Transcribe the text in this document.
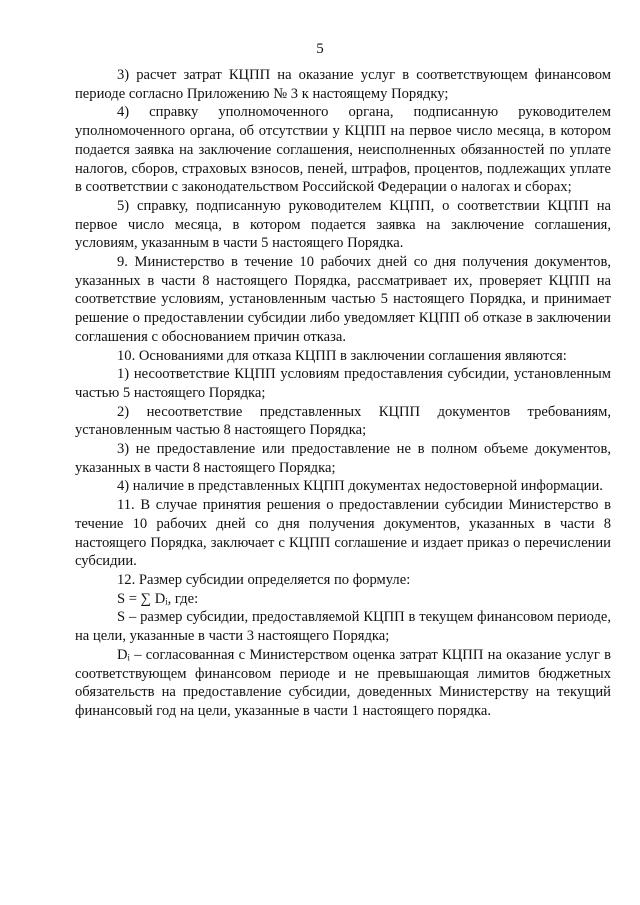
5

3) расчет затрат КЦПП на оказание услуг в соответствующем финансовом периоде согласно Приложению № 3 к настоящему Порядку;

4) справку уполномоченного органа, подписанную руководителем уполномоченного органа, об отсутствии у КЦПП на первое число месяца, в котором подается заявка на заключение соглашения, неисполненных обязанностей по уплате налогов, сборов, страховых взносов, пеней, штрафов, процентов, подлежащих уплате в соответствии с законодательством Российской Федерации о налогах и сборах;

5) справку, подписанную руководителем КЦПП, о соответствии КЦПП на первое число месяца, в котором подается заявка на заключение соглашения, условиям, указанным в части 5 настоящего Порядка.

9. Министерство в течение 10 рабочих дней со дня получения документов, указанных в части 8 настоящего Порядка, рассматривает их, проверяет КЦПП на соответствие условиям, установленным частью 5 настоящего Порядка, и принимает решение о предоставлении субсидии либо уведомляет КЦПП об отказе в заключении соглашения с обоснованием причин отказа.

10. Основаниями для отказа КЦПП в заключении соглашения являются:

1) несоответствие КЦПП условиям предоставления субсидии, установленным частью 5 настоящего Порядка;

2) несоответствие представленных КЦПП документов требованиям, установленным частью 8 настоящего Порядка;

3) не предоставление или предоставление не в полном объеме документов, указанных в части 8 настоящего Порядка;

4) наличие в представленных КЦПП документах недостоверной информации.

11. В случае принятия решения о предоставлении субсидии Министерство в течение 10 рабочих дней со дня получения документов, указанных в части 8 настоящего Порядка, заключает с КЦПП соглашение и издает приказ о перечислении субсидии.

12. Размер субсидии определяется по формуле:

S = ∑ Dᵢ, где:

S – размер субсидии, предоставляемой КЦПП в текущем финансовом периоде, на цели, указанные в части 3 настоящего Порядка;

Dᵢ – согласованная с Министерством оценка затрат КЦПП на оказание услуг в соответствующем финансовом периоде и не превышающая лимитов бюджетных обязательств на предоставление субсидии, доведенных Министерству на текущий финансовый год на цели, указанные в части 1 настоящего порядка.
